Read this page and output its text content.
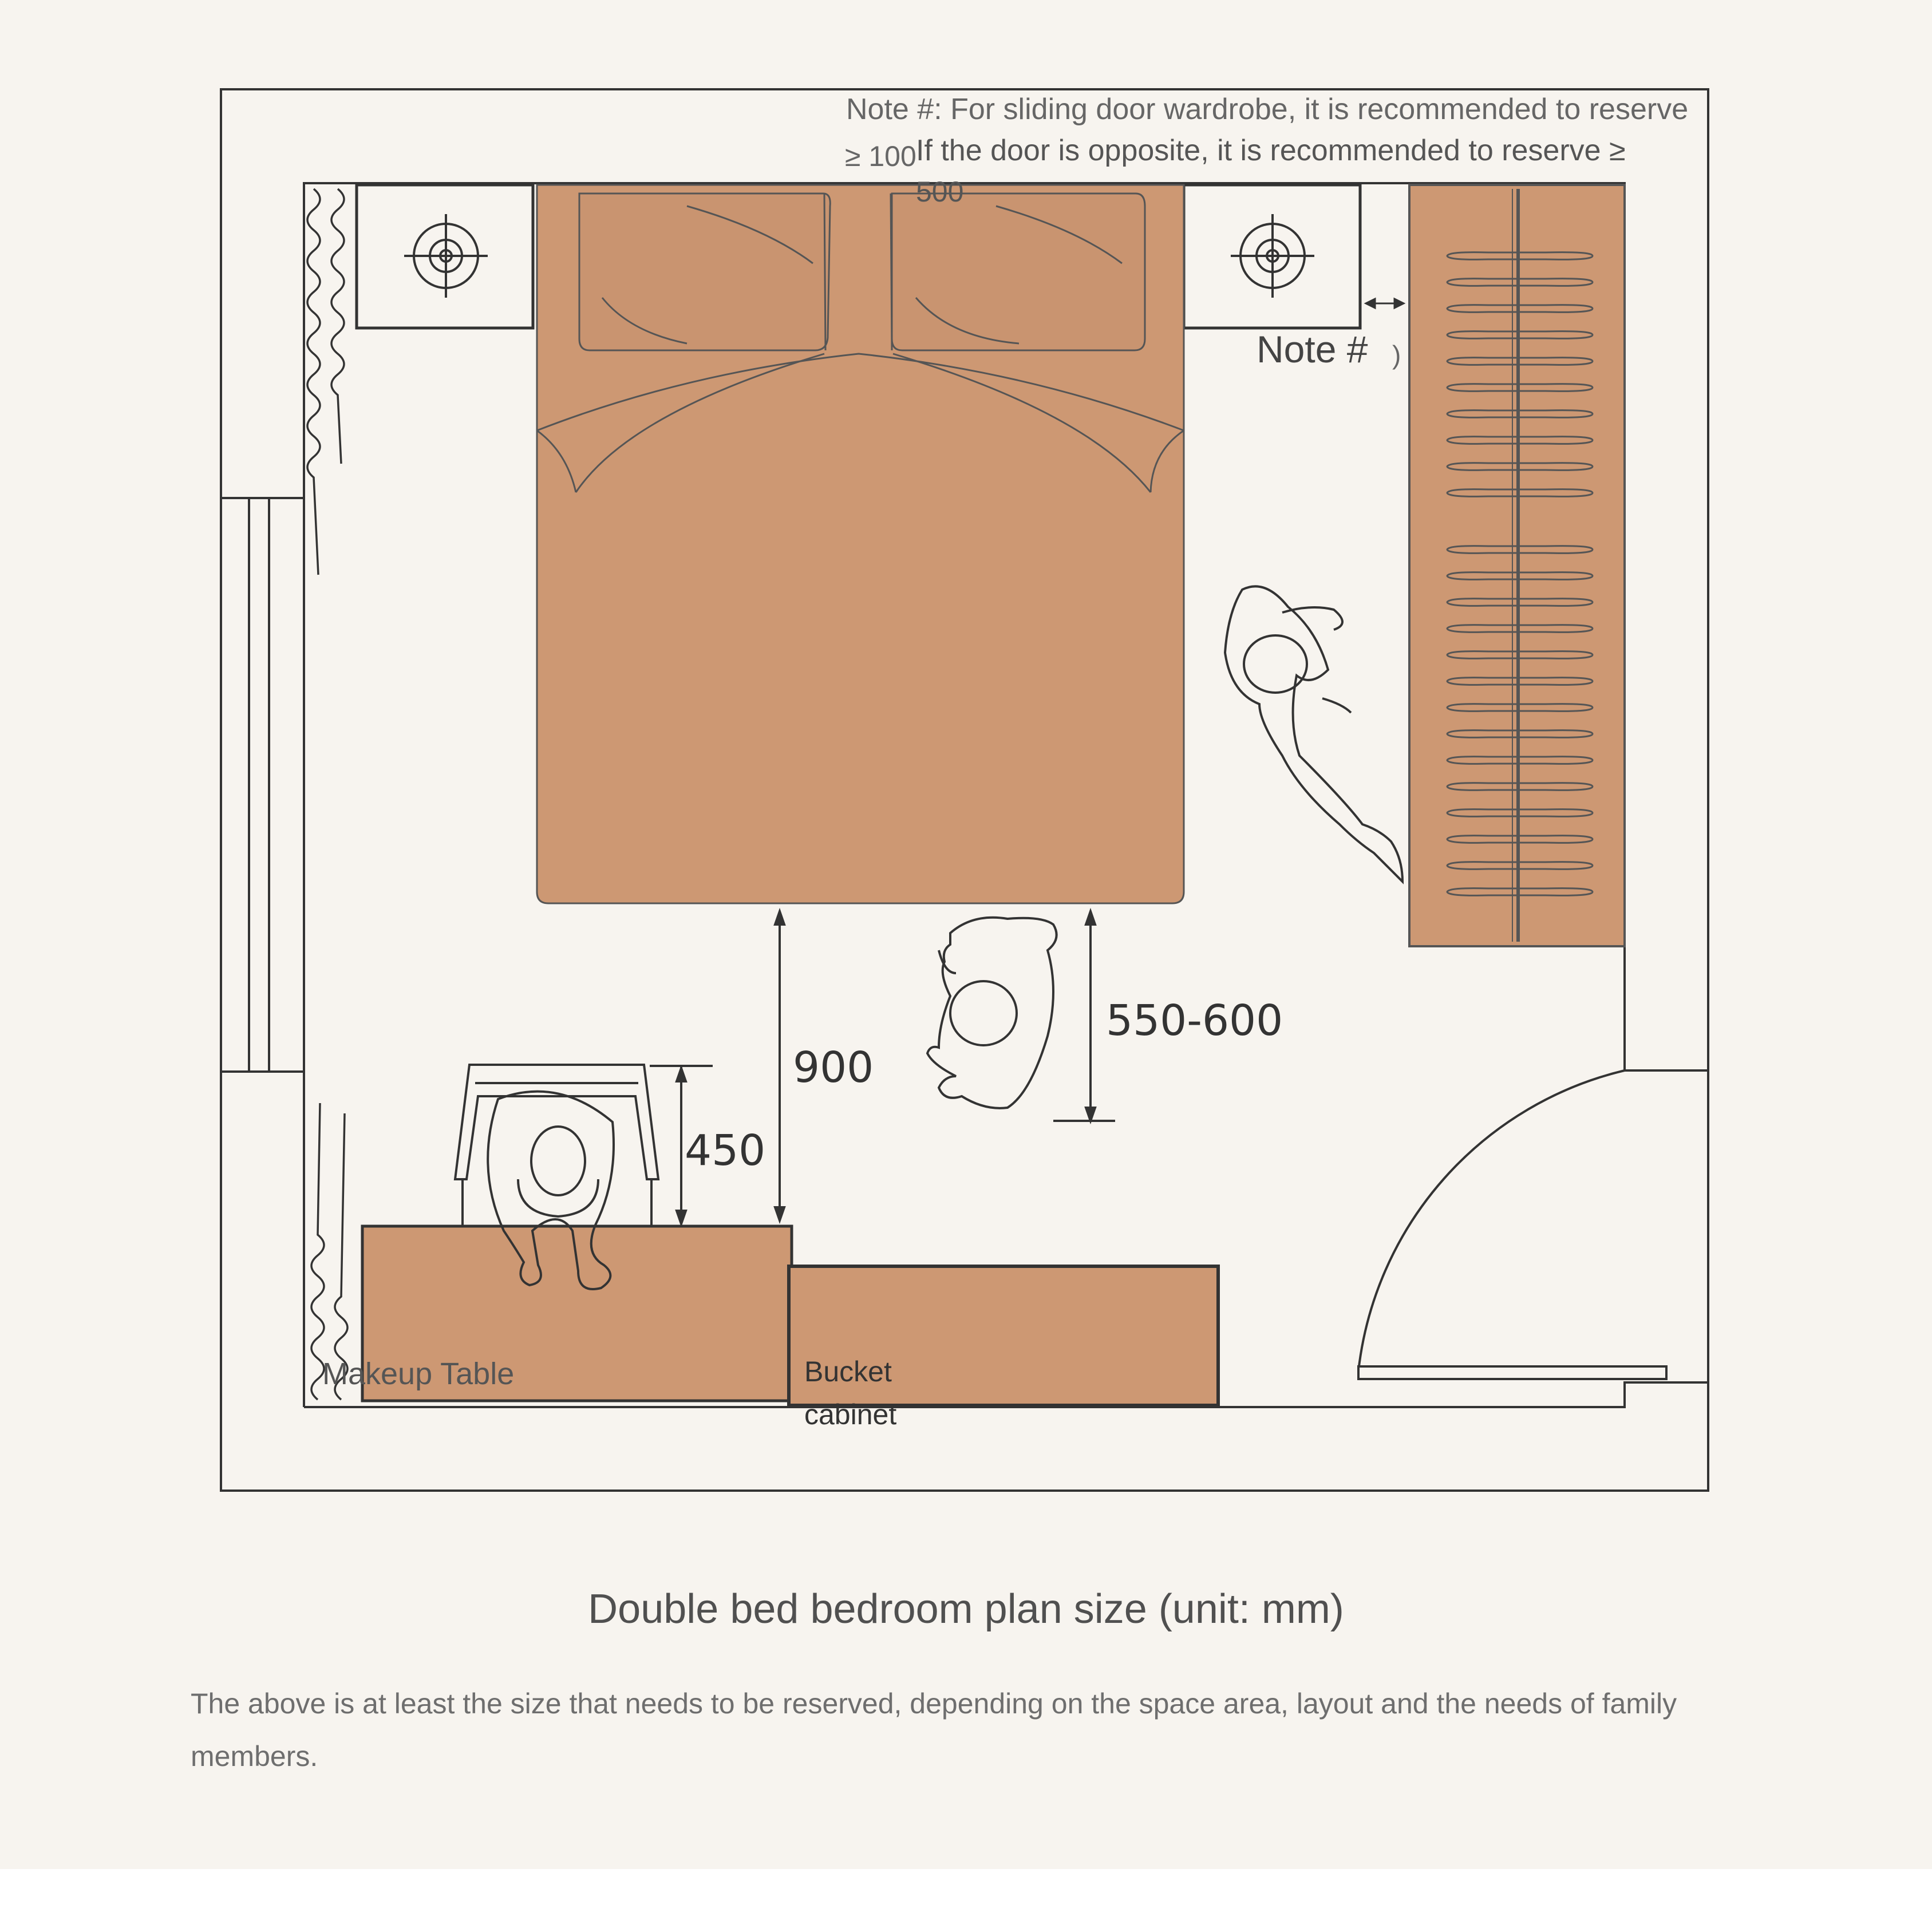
Note #: For sliding door wardrobe, it is recommended to reserve
≥ 100 If the door is opposite, it is recommended to reserve ≥
500
Note # )
900
450
550-600
Makeup Table	Bucket
cabinet
Double bed bedroom plan size (unit: mm)
The above is at least the size that needs to be reserved, depending on the space area, layout and the needs of family members.
